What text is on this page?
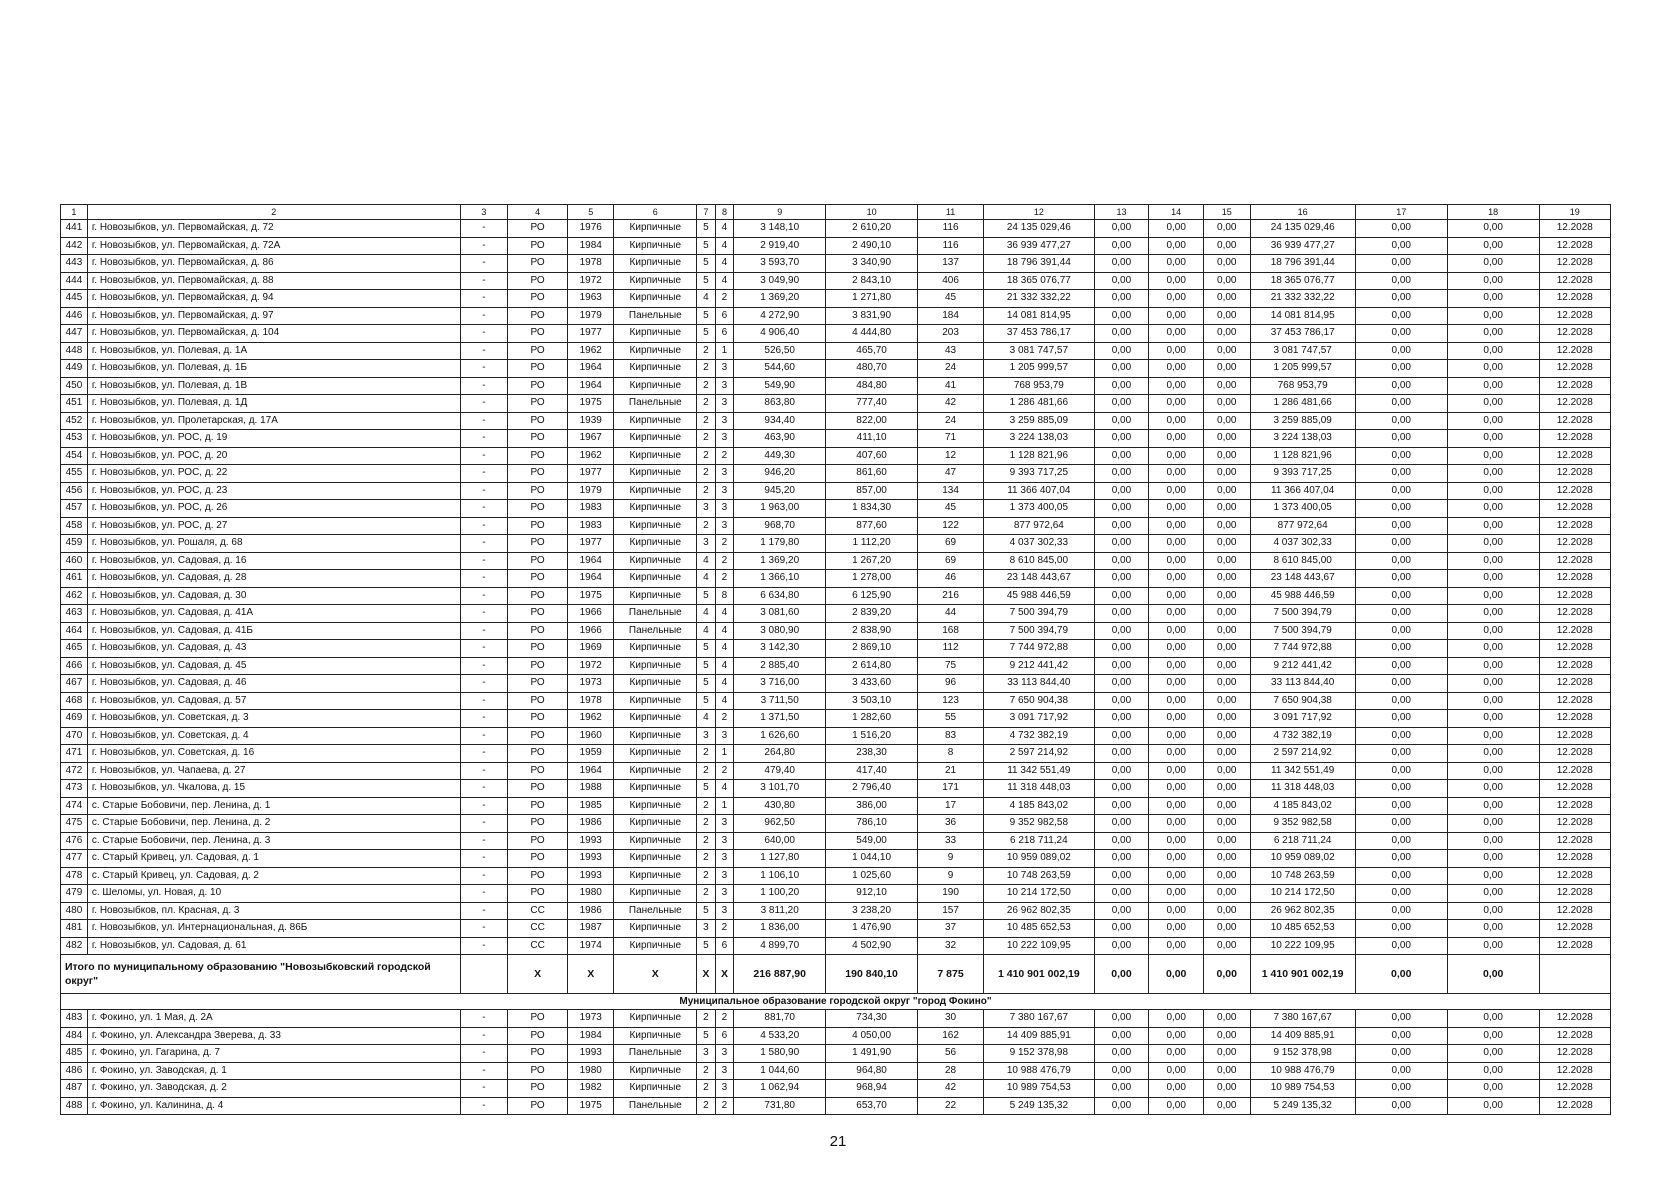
1	2	3	4	5	6	7	8	9	10	11	12	13	14	15	16	17	18	19
441	г. Новозыбков, ул. Первомайская, д. 72	-	РО	1976	Кирпичные	5	4	3 148,10	2 610,20	116	24 135 029,46	0,00	0,00	0,00	24 135 029,46	0,00	0,00	12.2028
442	г. Новозыбков, ул. Первомайская, д. 72А	-	РО	1984	Кирпичные	5	4	2 919,40	2 490,10	116	36 939 477,27	0,00	0,00	0,00	36 939 477,27	0,00	0,00	12.2028
443	г. Новозыбков, ул. Первомайская, д. 86	-	РО	1978	Кирпичные	5	4	3 593,70	3 340,90	137	18 796 391,44	0,00	0,00	0,00	18 796 391,44	0,00	0,00	12.2028
444	г. Новозыбков, ул. Первомайская, д. 88	-	РО	1972	Кирпичные	5	4	3 049,90	2 843,10	406	18 365 076,77	0,00	0,00	0,00	18 365 076,77	0,00	0,00	12.2028
445	г. Новозыбков, ул. Первомайская, д. 94	-	РО	1963	Кирпичные	4	2	1 369,20	1 271,80	45	21 332 332,22	0,00	0,00	0,00	21 332 332,22	0,00	0,00	12.2028
446	г. Новозыбков, ул. Первомайская, д. 97	-	РО	1979	Панельные	5	6	4 272,90	3 831,90	184	14 081 814,95	0,00	0,00	0,00	14 081 814,95	0,00	0,00	12.2028
447	г. Новозыбков, ул. Первомайская, д. 104	-	РО	1977	Кирпичные	5	6	4 906,40	4 444,80	203	37 453 786,17	0,00	0,00	0,00	37 453 786,17	0,00	0,00	12.2028
448	г. Новозыбков, ул. Полевая, д. 1А	-	РО	1962	Кирпичные	2	1	526,50	465,70	43	3 081 747,57	0,00	0,00	0,00	3 081 747,57	0,00	0,00	12.2028
449	г. Новозыбков, ул. Полевая, д. 1Б	-	РО	1964	Кирпичные	2	3	544,60	480,70	24	1 205 999,57	0,00	0,00	0,00	1 205 999,57	0,00	0,00	12.2028
450	г. Новозыбков, ул. Полевая, д. 1В	-	РО	1964	Кирпичные	2	3	549,90	484,80	41	768 953,79	0,00	0,00	0,00	768 953,79	0,00	0,00	12.2028
451	г. Новозыбков, ул. Полевая, д. 1Д	-	РО	1975	Панельные	2	3	863,80	777,40	42	1 286 481,66	0,00	0,00	0,00	1 286 481,66	0,00	0,00	12.2028
452	г. Новозыбков, ул. Пролетарская, д. 17А	-	РО	1939	Кирпичные	2	3	934,40	822,00	24	3 259 885,09	0,00	0,00	0,00	3 259 885,09	0,00	0,00	12.2028
453	г. Новозыбков, ул. РОС, д. 19	-	РО	1967	Кирпичные	2	3	463,90	411,10	71	3 224 138,03	0,00	0,00	0,00	3 224 138,03	0,00	0,00	12.2028
454	г. Новозыбков, ул. РОС, д. 20	-	РО	1962	Кирпичные	2	2	449,30	407,60	12	1 128 821,96	0,00	0,00	0,00	1 128 821,96	0,00	0,00	12.2028
455	г. Новозыбков, ул. РОС, д. 22	-	РО	1977	Кирпичные	2	3	946,20	861,60	47	9 393 717,25	0,00	0,00	0,00	9 393 717,25	0,00	0,00	12.2028
456	г. Новозыбков, ул. РОС, д. 23	-	РО	1979	Кирпичные	2	3	945,20	857,00	134	11 366 407,04	0,00	0,00	0,00	11 366 407,04	0,00	0,00	12.2028
457	г. Новозыбков, ул. РОС, д. 26	-	РО	1983	Кирпичные	3	3	1 963,00	1 834,30	45	1 373 400,05	0,00	0,00	0,00	1 373 400,05	0,00	0,00	12.2028
458	г. Новозыбков, ул. РОС, д. 27	-	РО	1983	Кирпичные	2	3	968,70	877,60	122	877 972,64	0,00	0,00	0,00	877 972,64	0,00	0,00	12.2028
459	г. Новозыбков, ул. Рошаля, д. 68	-	РО	1977	Кирпичные	3	2	1 179,80	1 112,20	69	4 037 302,33	0,00	0,00	0,00	4 037 302,33	0,00	0,00	12.2028
460	г. Новозыбков, ул. Садовая, д. 16	-	РО	1964	Кирпичные	4	2	1 369,20	1 267,20	69	8 610 845,00	0,00	0,00	0,00	8 610 845,00	0,00	0,00	12.2028
461	г. Новозыбков, ул. Садовая, д. 28	-	РО	1964	Кирпичные	4	2	1 366,10	1 278,00	46	23 148 443,67	0,00	0,00	0,00	23 148 443,67	0,00	0,00	12.2028
462	г. Новозыбков, ул. Садовая, д. 30	-	РО	1975	Кирпичные	5	8	6 634,80	6 125,90	216	45 988 446,59	0,00	0,00	0,00	45 988 446,59	0,00	0,00	12.2028
463	г. Новозыбков, ул. Садовая, д. 41А	-	РО	1966	Панельные	4	4	3 081,60	2 839,20	44	7 500 394,79	0,00	0,00	0,00	7 500 394,79	0,00	0,00	12.2028
464	г. Новозыбков, ул. Садовая, д. 41Б	-	РО	1966	Панельные	4	4	3 080,90	2 838,90	168	7 500 394,79	0,00	0,00	0,00	7 500 394,79	0,00	0,00	12.2028
465	г. Новозыбков, ул. Садовая, д. 43	-	РО	1969	Кирпичные	5	4	3 142,30	2 869,10	112	7 744 972,88	0,00	0,00	0,00	7 744 972,88	0,00	0,00	12.2028
466	г. Новозыбков, ул. Садовая, д. 45	-	РО	1972	Кирпичные	5	4	2 885,40	2 614,80	75	9 212 441,42	0,00	0,00	0,00	9 212 441,42	0,00	0,00	12.2028
467	г. Новозыбков, ул. Садовая, д. 46	-	РО	1973	Кирпичные	5	4	3 716,00	3 433,60	96	33 113 844,40	0,00	0,00	0,00	33 113 844,40	0,00	0,00	12.2028
468	г. Новозыбков, ул. Садовая, д. 57	-	РО	1978	Кирпичные	5	4	3 711,50	3 503,10	123	7 650 904,38	0,00	0,00	0,00	7 650 904,38	0,00	0,00	12.2028
469	г. Новозыбков, ул. Советская, д. 3	-	РО	1962	Кирпичные	4	2	1 371,50	1 282,60	55	3 091 717,92	0,00	0,00	0,00	3 091 717,92	0,00	0,00	12.2028
470	г. Новозыбков, ул. Советская, д. 4	-	РО	1960	Кирпичные	3	3	1 626,60	1 516,20	83	4 732 382,19	0,00	0,00	0,00	4 732 382,19	0,00	0,00	12.2028
471	г. Новозыбков, ул. Советская, д. 16	-	РО	1959	Кирпичные	2	1	264,80	238,30	8	2 597 214,92	0,00	0,00	0,00	2 597 214,92	0,00	0,00	12.2028
472	г. Новозыбков, ул. Чапаева, д. 27	-	РО	1964	Кирпичные	2	2	479,40	417,40	21	11 342 551,49	0,00	0,00	0,00	11 342 551,49	0,00	0,00	12.2028
473	г. Новозыбков, ул. Чкалова, д. 15	-	РО	1988	Кирпичные	5	4	3 101,70	2 796,40	171	11 318 448,03	0,00	0,00	0,00	11 318 448,03	0,00	0,00	12.2028
474	с. Старые Бобовичи, пер. Ленина, д. 1	-	РО	1985	Кирпичные	2	1	430,80	386,00	17	4 185 843,02	0,00	0,00	0,00	4 185 843,02	0,00	0,00	12.2028
475	с. Старые Бобовичи, пер. Ленина, д. 2	-	РО	1986	Кирпичные	2	3	962,50	786,10	36	9 352 982,58	0,00	0,00	0,00	9 352 982,58	0,00	0,00	12.2028
476	с. Старые Бобовичи, пер. Ленина, д. 3	-	РО	1993	Кирпичные	2	3	640,00	549,00	33	6 218 711,24	0,00	0,00	0,00	6 218 711,24	0,00	0,00	12.2028
477	с. Старый Кривец, ул. Садовая, д. 1	-	РО	1993	Кирпичные	2	3	1 127,80	1 044,10	9	10 959 089,02	0,00	0,00	0,00	10 959 089,02	0,00	0,00	12.2028
478	с. Старый Кривец, ул. Садовая, д. 2	-	РО	1993	Кирпичные	2	3	1 106,10	1 025,60	9	10 748 263,59	0,00	0,00	0,00	10 748 263,59	0,00	0,00	12.2028
479	с. Шеломы, ул. Новая, д. 10	-	РО	1980	Кирпичные	2	3	1 100,20	912,10	190	10 214 172,50	0,00	0,00	0,00	10 214 172,50	0,00	0,00	12.2028
480	г. Новозыбков, пл. Красная, д. 3	-	СС	1986	Панельные	5	3	3 811,20	3 238,20	157	26 962 802,35	0,00	0,00	0,00	26 962 802,35	0,00	0,00	12.2028
481	г. Новозыбков, ул. Интернациональная, д. 86Б	-	СС	1987	Кирпичные	3	2	1 836,00	1 476,90	37	10 485 652,53	0,00	0,00	0,00	10 485 652,53	0,00	0,00	12.2028
482	г. Новозыбков, ул. Садовая, д. 61	-	СС	1974	Кирпичные	5	6	4 899,70	4 502,90	32	10 222 109,95	0,00	0,00	0,00	10 222 109,95	0,00	0,00	12.2028
Итого по муниципальному образованию "Новозыбковский городской округ"			Х	Х	Х	Х	Х	216 887,90	190 840,10	7 875	1 410 901 002,19	0,00	0,00	0,00	1 410 901 002,19	0,00	0,00	
Муниципальное образование городской округ "город Фокино"																		
483	г. Фокино, ул. 1 Мая, д. 2А	-	РО	1973	Кирпичные	2	2	881,70	734,30	30	7 380 167,67	0,00	0,00	0,00	7 380 167,67	0,00	0,00	12.2028
484	г. Фокино, ул. Александра Зверева, д. 33	-	РО	1984	Кирпичные	5	6	4 533,20	4 050,00	162	14 409 885,91	0,00	0,00	0,00	14 409 885,91	0,00	0,00	12.2028
485	г. Фокино, ул. Гагарина, д. 7	-	РО	1993	Панельные	3	3	1 580,90	1 491,90	56	9 152 378,98	0,00	0,00	0,00	9 152 378,98	0,00	0,00	12.2028
486	г. Фокино, ул. Заводская, д. 1	-	РО	1980	Кирпичные	2	3	1 044,60	964,80	28	10 988 476,79	0,00	0,00	0,00	10 988 476,79	0,00	0,00	12.2028
487	г. Фокино, ул. Заводская, д. 2	-	РО	1982	Кирпичные	2	3	1 062,94	968,94	42	10 989 754,53	0,00	0,00	0,00	10 989 754,53	0,00	0,00	12.2028
488	г. Фокино, ул. Калинина, д. 4	-	РО	1975	Панельные	2	2	731,80	653,70	22	5 249 135,32	0,00	0,00	0,00	5 249 135,32	0,00	0,00	12.2028
21
